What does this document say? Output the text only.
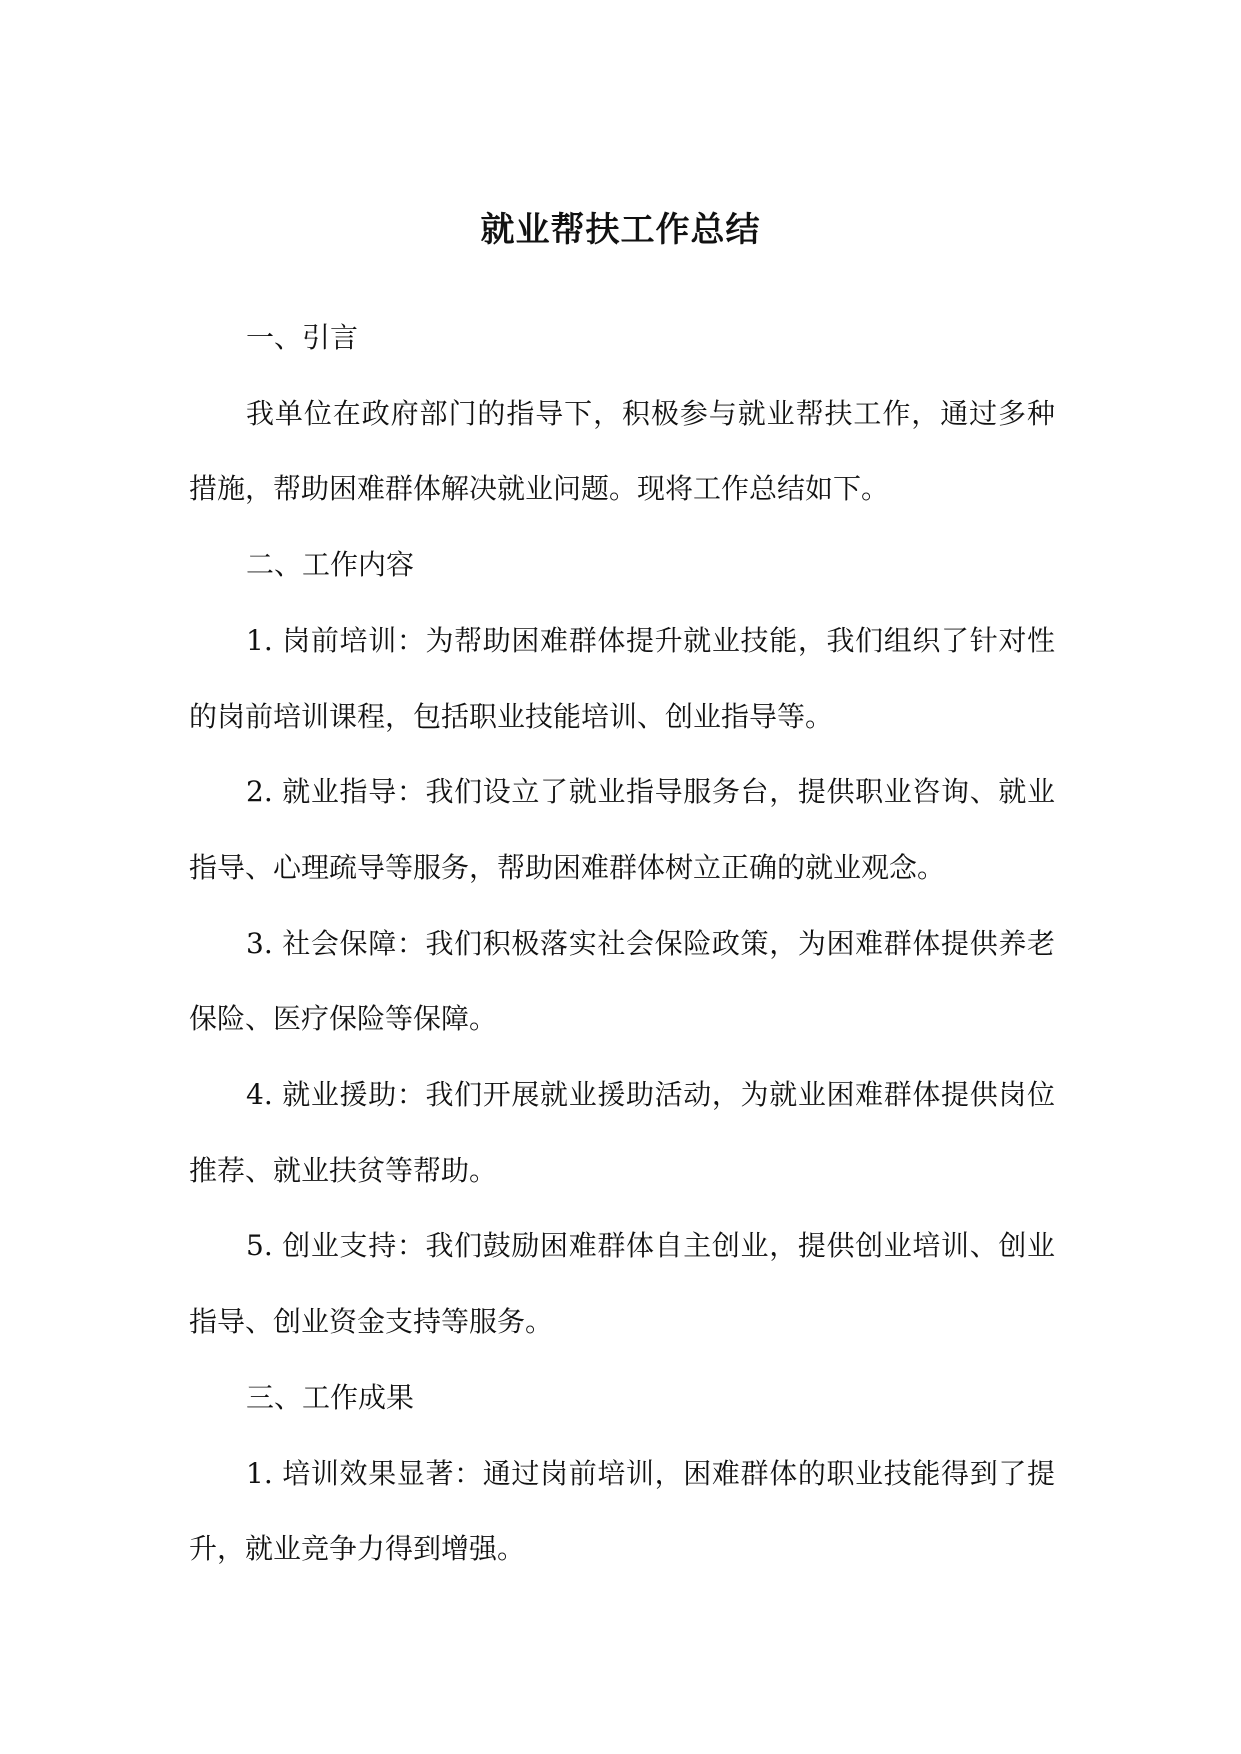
就业帮扶工作总结

一、引言

我单位在政府部门的指导下，积极参与就业帮扶工作，通过多种措施，帮助困难群体解决就业问题。现将工作总结如下。

二、工作内容

1. 岗前培训：为帮助困难群体提升就业技能，我们组织了针对性的岗前培训课程，包括职业技能培训、创业指导等。

2. 就业指导：我们设立了就业指导服务台，提供职业咨询、就业指导、心理疏导等服务，帮助困难群体树立正确的就业观念。

3. 社会保障：我们积极落实社会保险政策，为困难群体提供养老保险、医疗保险等保障。

4. 就业援助：我们开展就业援助活动，为就业困难群体提供岗位推荐、就业扶贫等帮助。

5. 创业支持：我们鼓励困难群体自主创业，提供创业培训、创业指导、创业资金支持等服务。

三、工作成果

1. 培训效果显著：通过岗前培训，困难群体的职业技能得到了提升，就业竞争力得到增强。
